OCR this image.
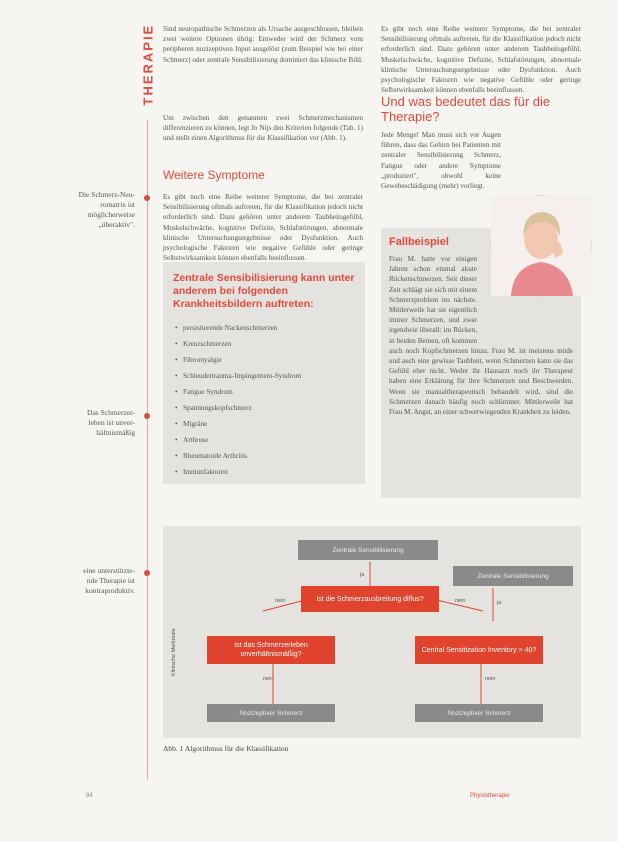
THERAPIE
Die Schmerz-Neu-
romatrix ist
möglicherweise „überaktiv".
Das Schmerzer-
leben ist unver-
hältnismäßig
eine unterstützte-
nde Therapie ist
kontraproduktiv.
Sind neuropathische Schmerzen als Ursache ausgeschlossen, bleiben zwei weitere Optionen übrig: Entweder wird der Schmerz vom peripheren nozizeptiven Input ausgelöst (zum Beispiel wie bei einer Schmerz) oder zentrale Sensibilisierung dominiert das klinische Bild.
Um zwischen den genannten zwei Schmerzmechanismen differenzieren zu können, legt Jo Nijs den Kriterien folgende (Tab. 1) und stellt einen Algorithmus für die Klassifikation vor (Abb. 1).
Weitere Symptome
Es gibt noch eine Reihe weiterer Symptome, die bei zentraler Sensibilisierung oftmals auftreten, für die Klassifikation jedoch nicht erforderlich sind. Dazu gehören unter anderem Taubheitsgefühl, Muskelschwäche, kognitive Defizite, Schlafstörungen, abnormale klinische Untersuchungsergebnisse oder Dysfunktion. Auch psychologische Faktoren wie negative Gefühle oder geringe Selbstwirksamkeit können ebenfalls beeinflussen.
Es gibt noch eine Reihe weiterer Symptome, die bei zentraler Sensibilisierung oftmals auftreten, für die Klassifikation jedoch nicht erforderlich sind. Dazu gehören unter anderem Taubheitsgefühl, Muskelschwäche, kognitive Defizite, Schlafstörungen, abnormale klinische Untersuchungsergebnisse oder Dysfunktion. Auch psychologische Faktoren wie negative Gefühle oder geringe Selbstwirksamkeit können ebenfalls beeinflussen.
Und was bedeutet das für die Therapie?
Jede Menge! Man muss sich vor Augen führen, dass das Gehirn bei Patienten mit zentraler Sensibilisierung Schmerz, Fatigue oder andere Symptome „produziert", obwohl keine Gewebeschädigung (mehr) vorliegt.
Zentrale Sensibilisierung kann unter anderem bei folgenden Krankheitsbildern auftreten:
• persistierende Nackenschmerzen
• Kreuzschmerzen
• Fibromyalgie
• Schleudertrauma-Impingement-Syndrom
• Fatigue Syndrom
• Spannungskopfschmerz
• Migräne
• Arthrose
• Rheumatoide Arthritis
• Immunfaktoren
Fallbeispiel
Frau M. hatte vor einigen Jahren schon einmal akute Rückenschmerzen. Seit dieser Zeit schlägt sie sich mit einem Schmerzproblem ins nächste. Mittlerweile hat sie eigentlich immer Schmerzen, und zwar irgendwie überall: im Rücken, in beiden Beinen, oft kommen auch noch Kopfschmerzen hinzu. Frau M. ist meistens müde und auch eine gewisse Taubheit, wenn Schmerzen kann sie das Gefühl eher nicht. Weder ihr Hausarzt noch ihr Therapeut haben eine Erklärung für ihre Schmerzen und Beschwerden. Wenn sie manualtherapeutisch behandelt wird, sind die Schmerzen danach häufig noch schlimmer. Mittlerweile hat Frau M. Angst, an einer schwerwiegenden Krankheit zu leiden.
Zentrale Sensibilisierung
Zentrale Sensibilisierung
Ist die Schmerzausbreitung diffus?
Ist das Schmerzerleben unverhältnismäßig?
Central Sensitization Inventory > 40?
Nozizeptiver Schmerz	Nozizeptiver Schmerz
Klinische Merkmale
ja
nein	nein
nein	nein
ja
Abb. 1 Algorithmus für die Klassifikation
84	Physiotherapie
